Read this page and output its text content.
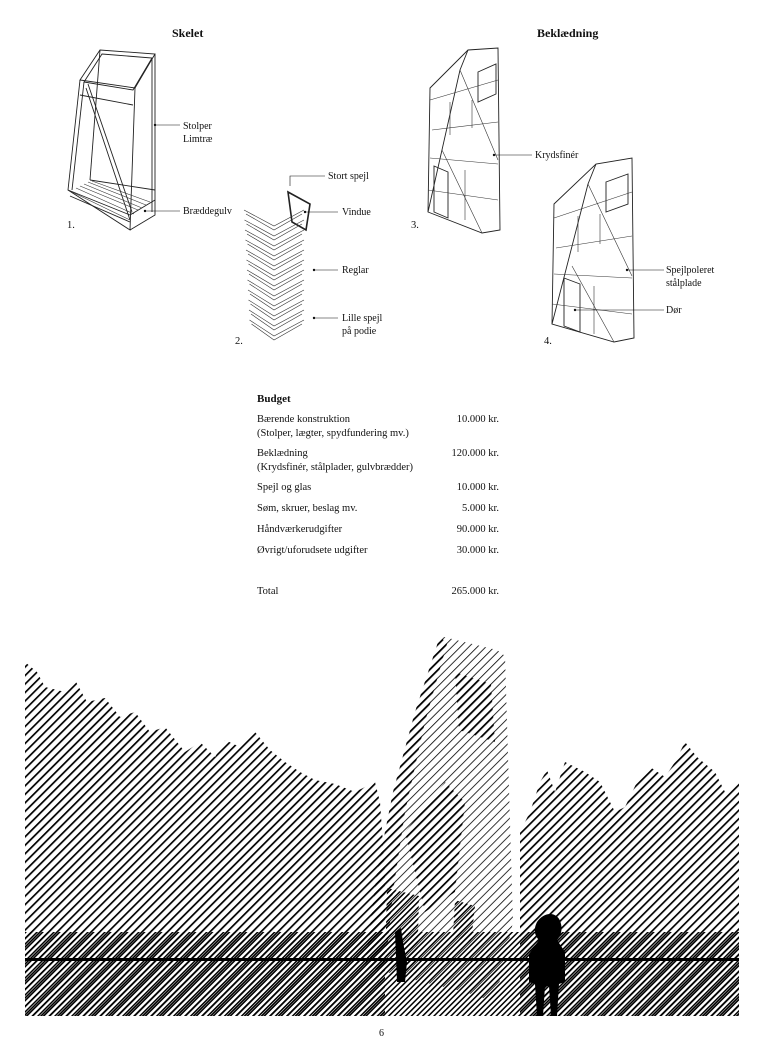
Skelet	Beklædning
Stolper
Limtræ
Bræddegulv
1.
Stort spejl
Vindue
Reglar
Lille spejl
på podie
2.
Krydsfinér
3.
Spejlpoleret
stålplade
Dør
4.
Budget
Bærende konstruktion	10.000 kr.
(Stolper, lægter, spydfundering mv.)
Beklædning	120.000 kr.
(Krydsfinér, stålplader, gulvbrædder)
Spejl og glas	10.000 kr.
Søm, skruer, beslag mv.	5.000 kr.
Håndværkerudgifter	90.000 kr.
Øvrigt/uforudsete udgifter	30.000 kr.
Total	265.000 kr.
6
